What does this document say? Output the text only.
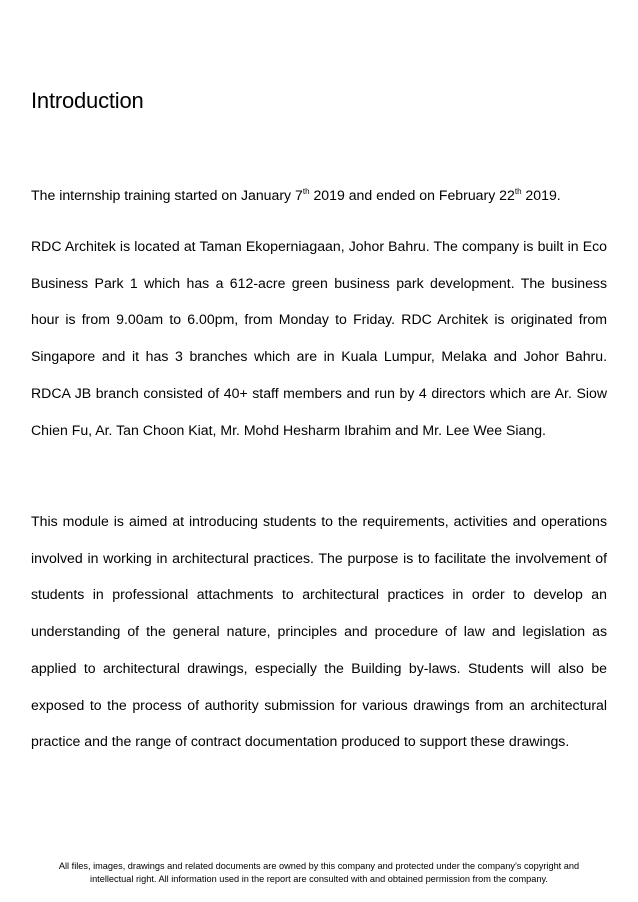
Introduction

The internship training started on January 7th 2019 and ended on February 22th 2019.

RDC Architek is located at Taman Ekoperniagaan, Johor Bahru. The company is built in Eco Business Park 1 which has a 612-acre green business park development. The business hour is from 9.00am to 6.00pm, from Monday to Friday. RDC Architek is originated from Singapore and it has 3 branches which are in Kuala Lumpur, Melaka and Johor Bahru. RDCA JB branch consisted of 40+ staff members and run by 4 directors which are Ar. Siow Chien Fu, Ar. Tan Choon Kiat, Mr. Mohd Hesharm Ibrahim and Mr. Lee Wee Siang.

This module is aimed at introducing students to the requirements, activities and operations involved in working in architectural practices. The purpose is to facilitate the involvement of students in professional attachments to architectural practices in order to develop an understanding of the general nature, principles and procedure of law and legislation as applied to architectural drawings, especially the Building by-laws. Students will also be exposed to the process of authority submission for various drawings from an architectural practice and the range of contract documentation produced to support these drawings.

All files, images, drawings and related documents are owned by this company and protected under the company’s copyright and
intellectual right. All information used in the report are consulted with and obtained permission from the company.
